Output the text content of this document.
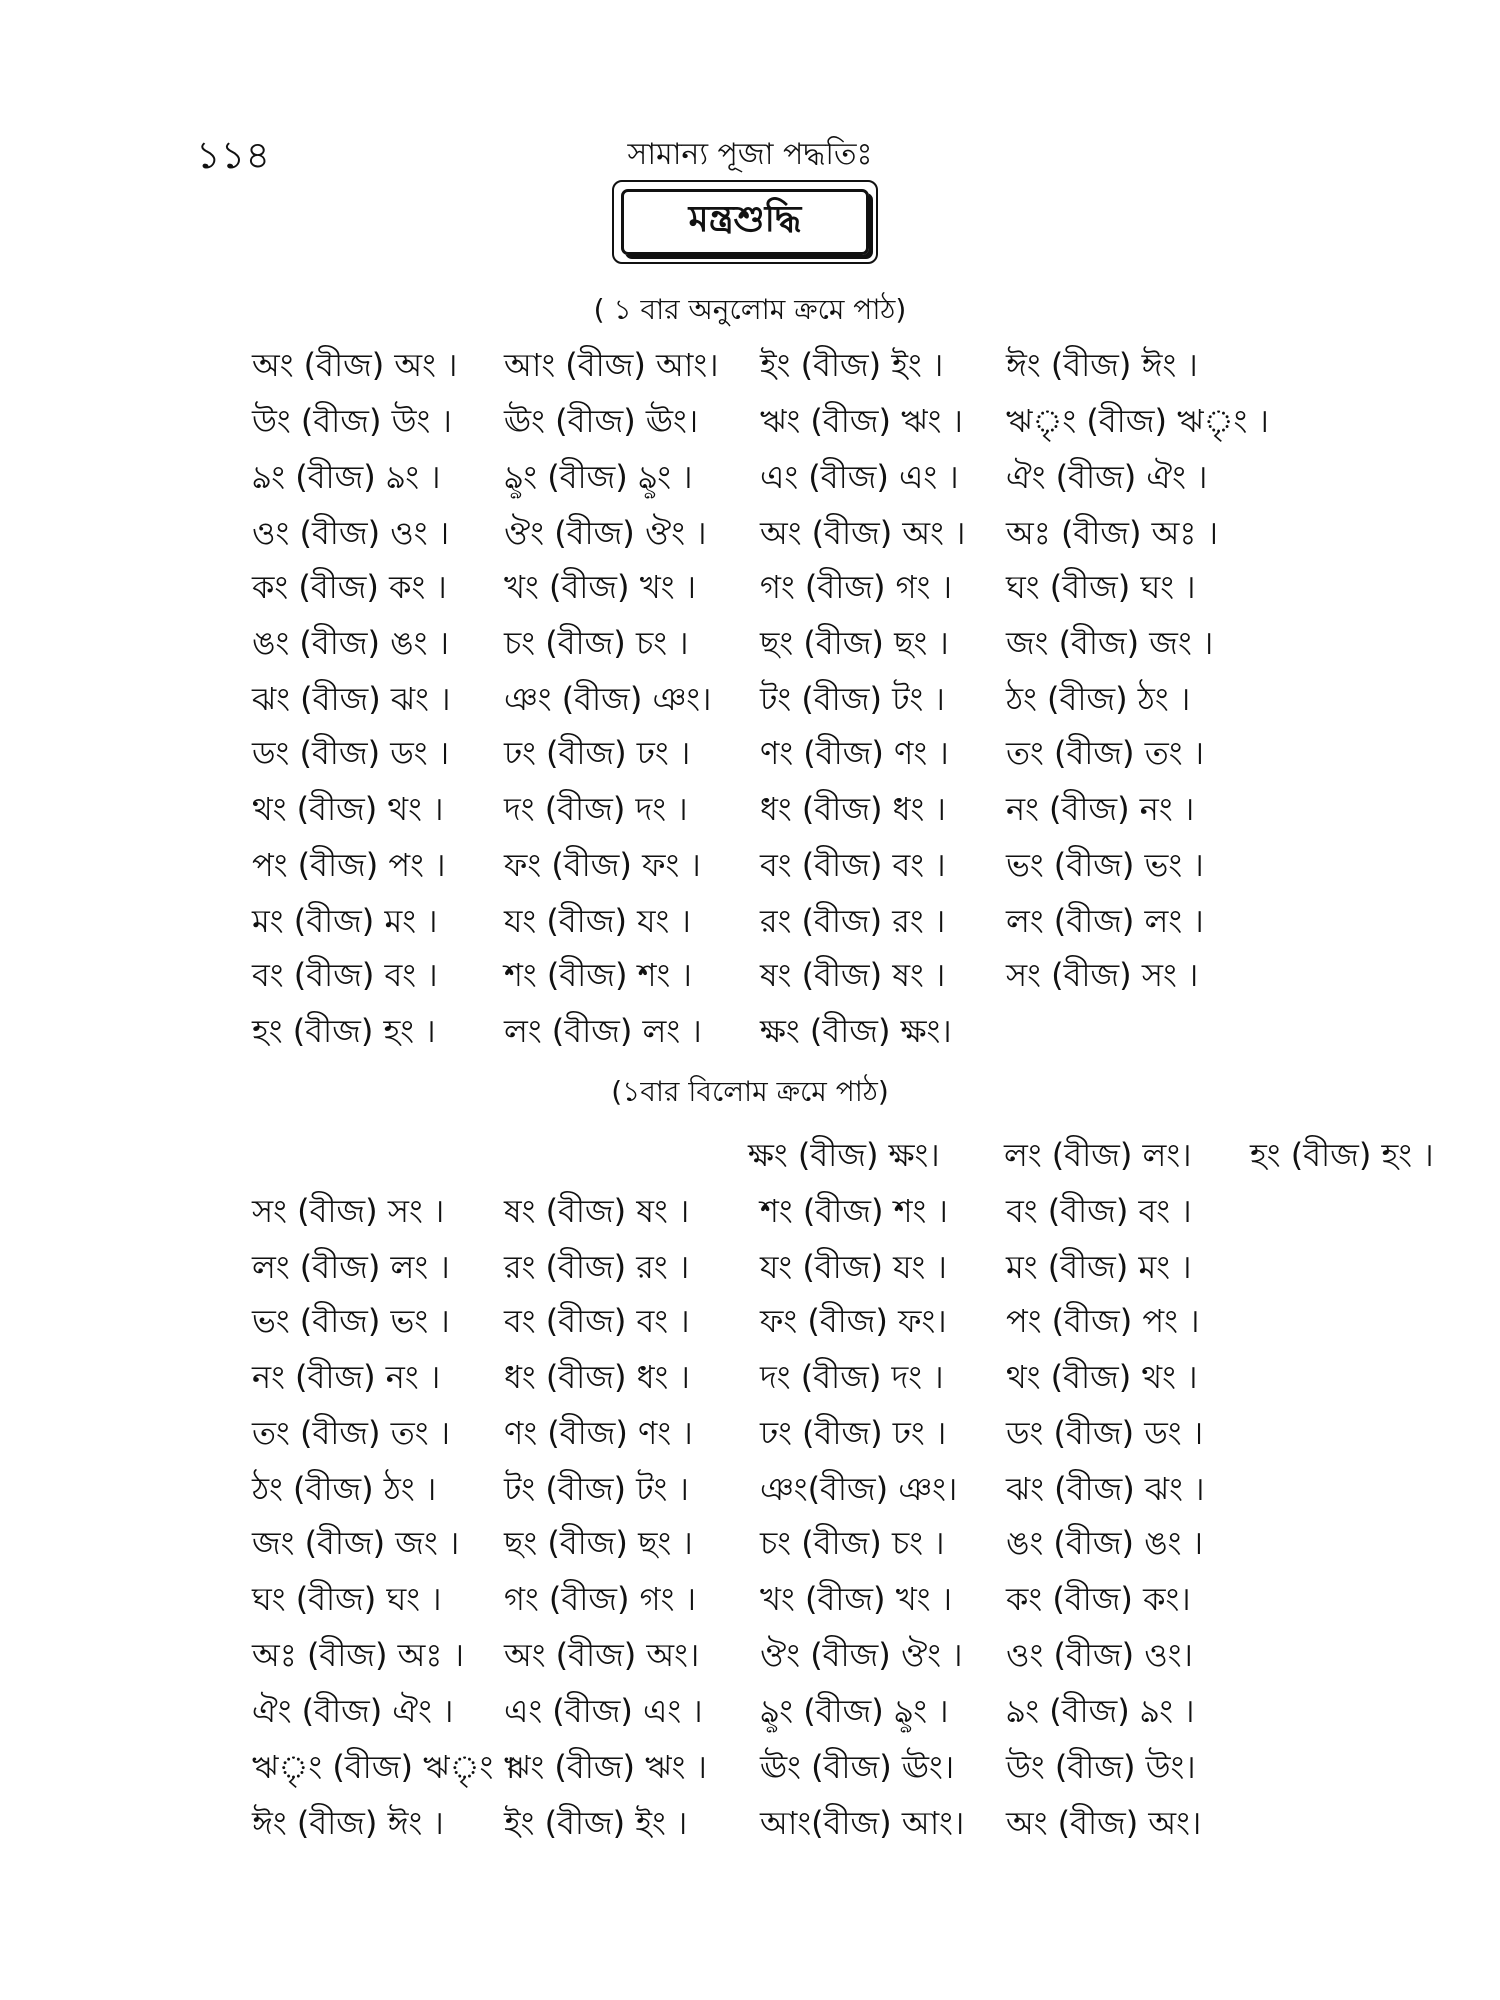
১১৪	সামান্য পূজা পদ্ধতিঃ
মন্ত্রশুদ্ধি
( ১ বার অনুলোম ক্রমে পাঠ)
অং (বীজ) অং । আং (বীজ) আং। ইং (বীজ) ইং । ঈং (বীজ) ঈং ।
উং (বীজ) উং । ঊং (বীজ) ঊং। ঋং (বীজ) ঋং । ঋৃং (বীজ) ঋৃং ।
ঌং (বীজ) ঌং । ৡং (বীজ) ৡং । এং (বীজ) এং । ঐং (বীজ) ঐং ।
ওং (বীজ) ওং । ঔং (বীজ) ঔং । অং (বীজ) অং । অঃ (বীজ) অঃ ।
কং (বীজ) কং । খং (বীজ) খং । গং (বীজ) গং । ঘং (বীজ) ঘং ।
ঙং (বীজ) ঙং । চং (বীজ) চং । ছং (বীজ) ছং । জং (বীজ) জং ।
ঝং (বীজ) ঝং । ঞং (বীজ) ঞং। টং (বীজ) টং । ঠং (বীজ) ঠং ।
ডং (বীজ) ডং । ঢং (বীজ) ঢং । ণং (বীজ) ণং । তং (বীজ) তং ।
থং (বীজ) থং । দং (বীজ) দং । ধং (বীজ) ধং । নং (বীজ) নং ।
পং (বীজ) পং । ফং (বীজ) ফং । বং (বীজ) বং । ভং (বীজ) ভং ।
মং (বীজ) মং । যং (বীজ) যং । রং (বীজ) রং । লং (বীজ) লং ।
বং (বীজ) বং । শং (বীজ) শং । ষং (বীজ) ষং । সং (বীজ) সং ।
হং (বীজ) হং । লং (বীজ) লং । ক্ষং (বীজ) ক্ষং।
(১বার বিলোম ক্রমে পাঠ)
ক্ষং (বীজ) ক্ষং। লং (বীজ) লং। হং (বীজ) হং ।
সং (বীজ) সং । ষং (বীজ) ষং । শং (বীজ) শং । বং (বীজ) বং ।
লং (বীজ) লং । রং (বীজ) রং । যং (বীজ) যং । মং (বীজ) মং ।
ভং (বীজ) ভং । বং (বীজ) বং । ফং (বীজ) ফং। পং (বীজ) পং ।
নং (বীজ) নং । ধং (বীজ) ধং । দং (বীজ) দং । থং (বীজ) থং ।
তং (বীজ) তং । ণং (বীজ) ণং । ঢং (বীজ) ঢং । ডং (বীজ) ডং ।
ঠং (বীজ) ঠং । টং (বীজ) টং । ঞং(বীজ) ঞং। ঝং (বীজ) ঝং ।
জং (বীজ) জং । ছং (বীজ) ছং । চং (বীজ) চং । ঙং (বীজ) ঙং ।
ঘং (বীজ) ঘং । গং (বীজ) গং । খং (বীজ) খং । কং (বীজ) কং।
অঃ (বীজ) অঃ । অং (বীজ) অং। ঔং (বীজ) ঔং । ওং (বীজ) ওং।
ঐং (বীজ) ঐং । এং (বীজ) এং । ৡং (বীজ) ৡং । ঌং (বীজ) ঌং ।
ঋৃং (বীজ) ঋৃং ।
ঋং (বীজ) ঋং । ঊং (বীজ) ঊং। উং (বীজ) উং।
ঈং (বীজ) ঈং । ইং (বীজ) ইং । আং(বীজ) আং। অং (বীজ) অং।
